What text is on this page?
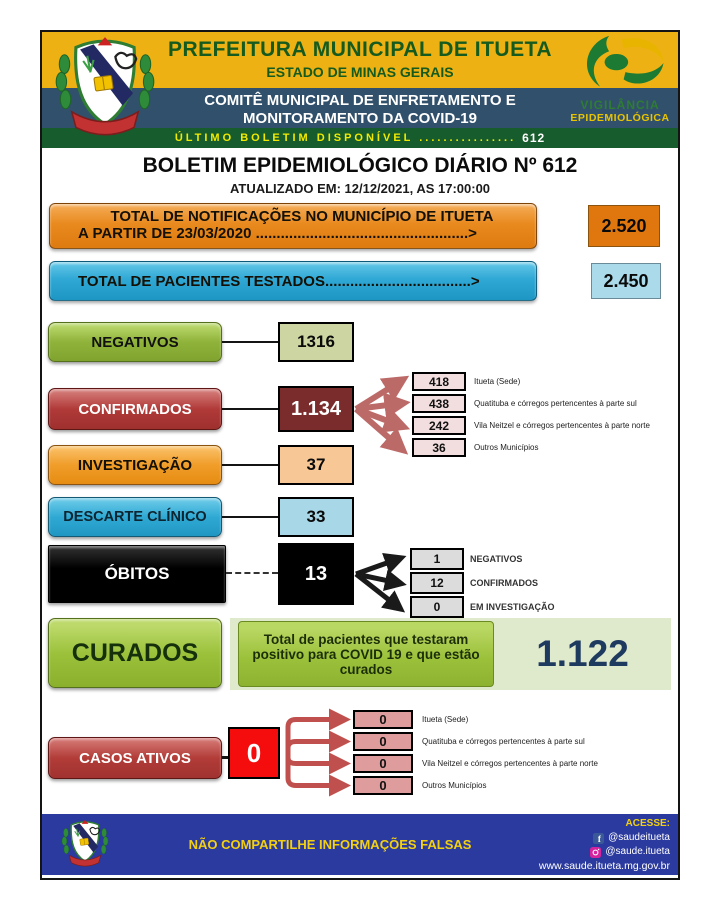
PREFEITURA MUNICIPAL DE ITUETA
ESTADO DE MINAS GERAIS
COMITÊ MUNICIPAL DE ENFRETAMENTO E
MONITORAMENTO DA COVID-19
ÚLTIMO BOLETIM DISPONÍVEL ................ 612
VIGILÂNCIA
EPIDEMIOLÓGICA
BOLETIM EPIDEMIOLÓGICO DIÁRIO Nº 612
ATUALIZADO EM: 12/12/2021, AS 17:00:00
TOTAL DE NOTIFICAÇÕES NO MUNICÍPIO DE ITUETA
A PARTIR DE 23/03/2020 ...................................................>	2.520
TOTAL DE PACIENTES TESTADOS...................................>	2.450
NEGATIVOS	1316
CONFIRMADOS	1.134
418	Itueta (Sede)
438	Quatituba e córregos pertencentes à parte sul
242	Vila Neitzel e córregos pertencentes à parte norte
36	Outros Municípios
INVESTIGAÇÃO	37
DESCARTE CLÍNICO	33
ÓBITOS	13
1	NEGATIVOS
12	CONFIRMADOS
0	EM INVESTIGAÇÃO
CURADOS	Total de pacientes que testaram positivo para COVID 19 e que estão curados	1.122
CASOS ATIVOS	0
0	Itueta (Sede)
0	Quatituba e córregos pertencentes à parte sul
0	Vila Neitzel e córregos pertencentes à parte norte
0	Outros Municípios
NÃO COMPARTILHE INFORMAÇÕES FALSAS
ACESSE:
f @saudeitueta
@saude.itueta
www.saude.itueta.mg.gov.br
